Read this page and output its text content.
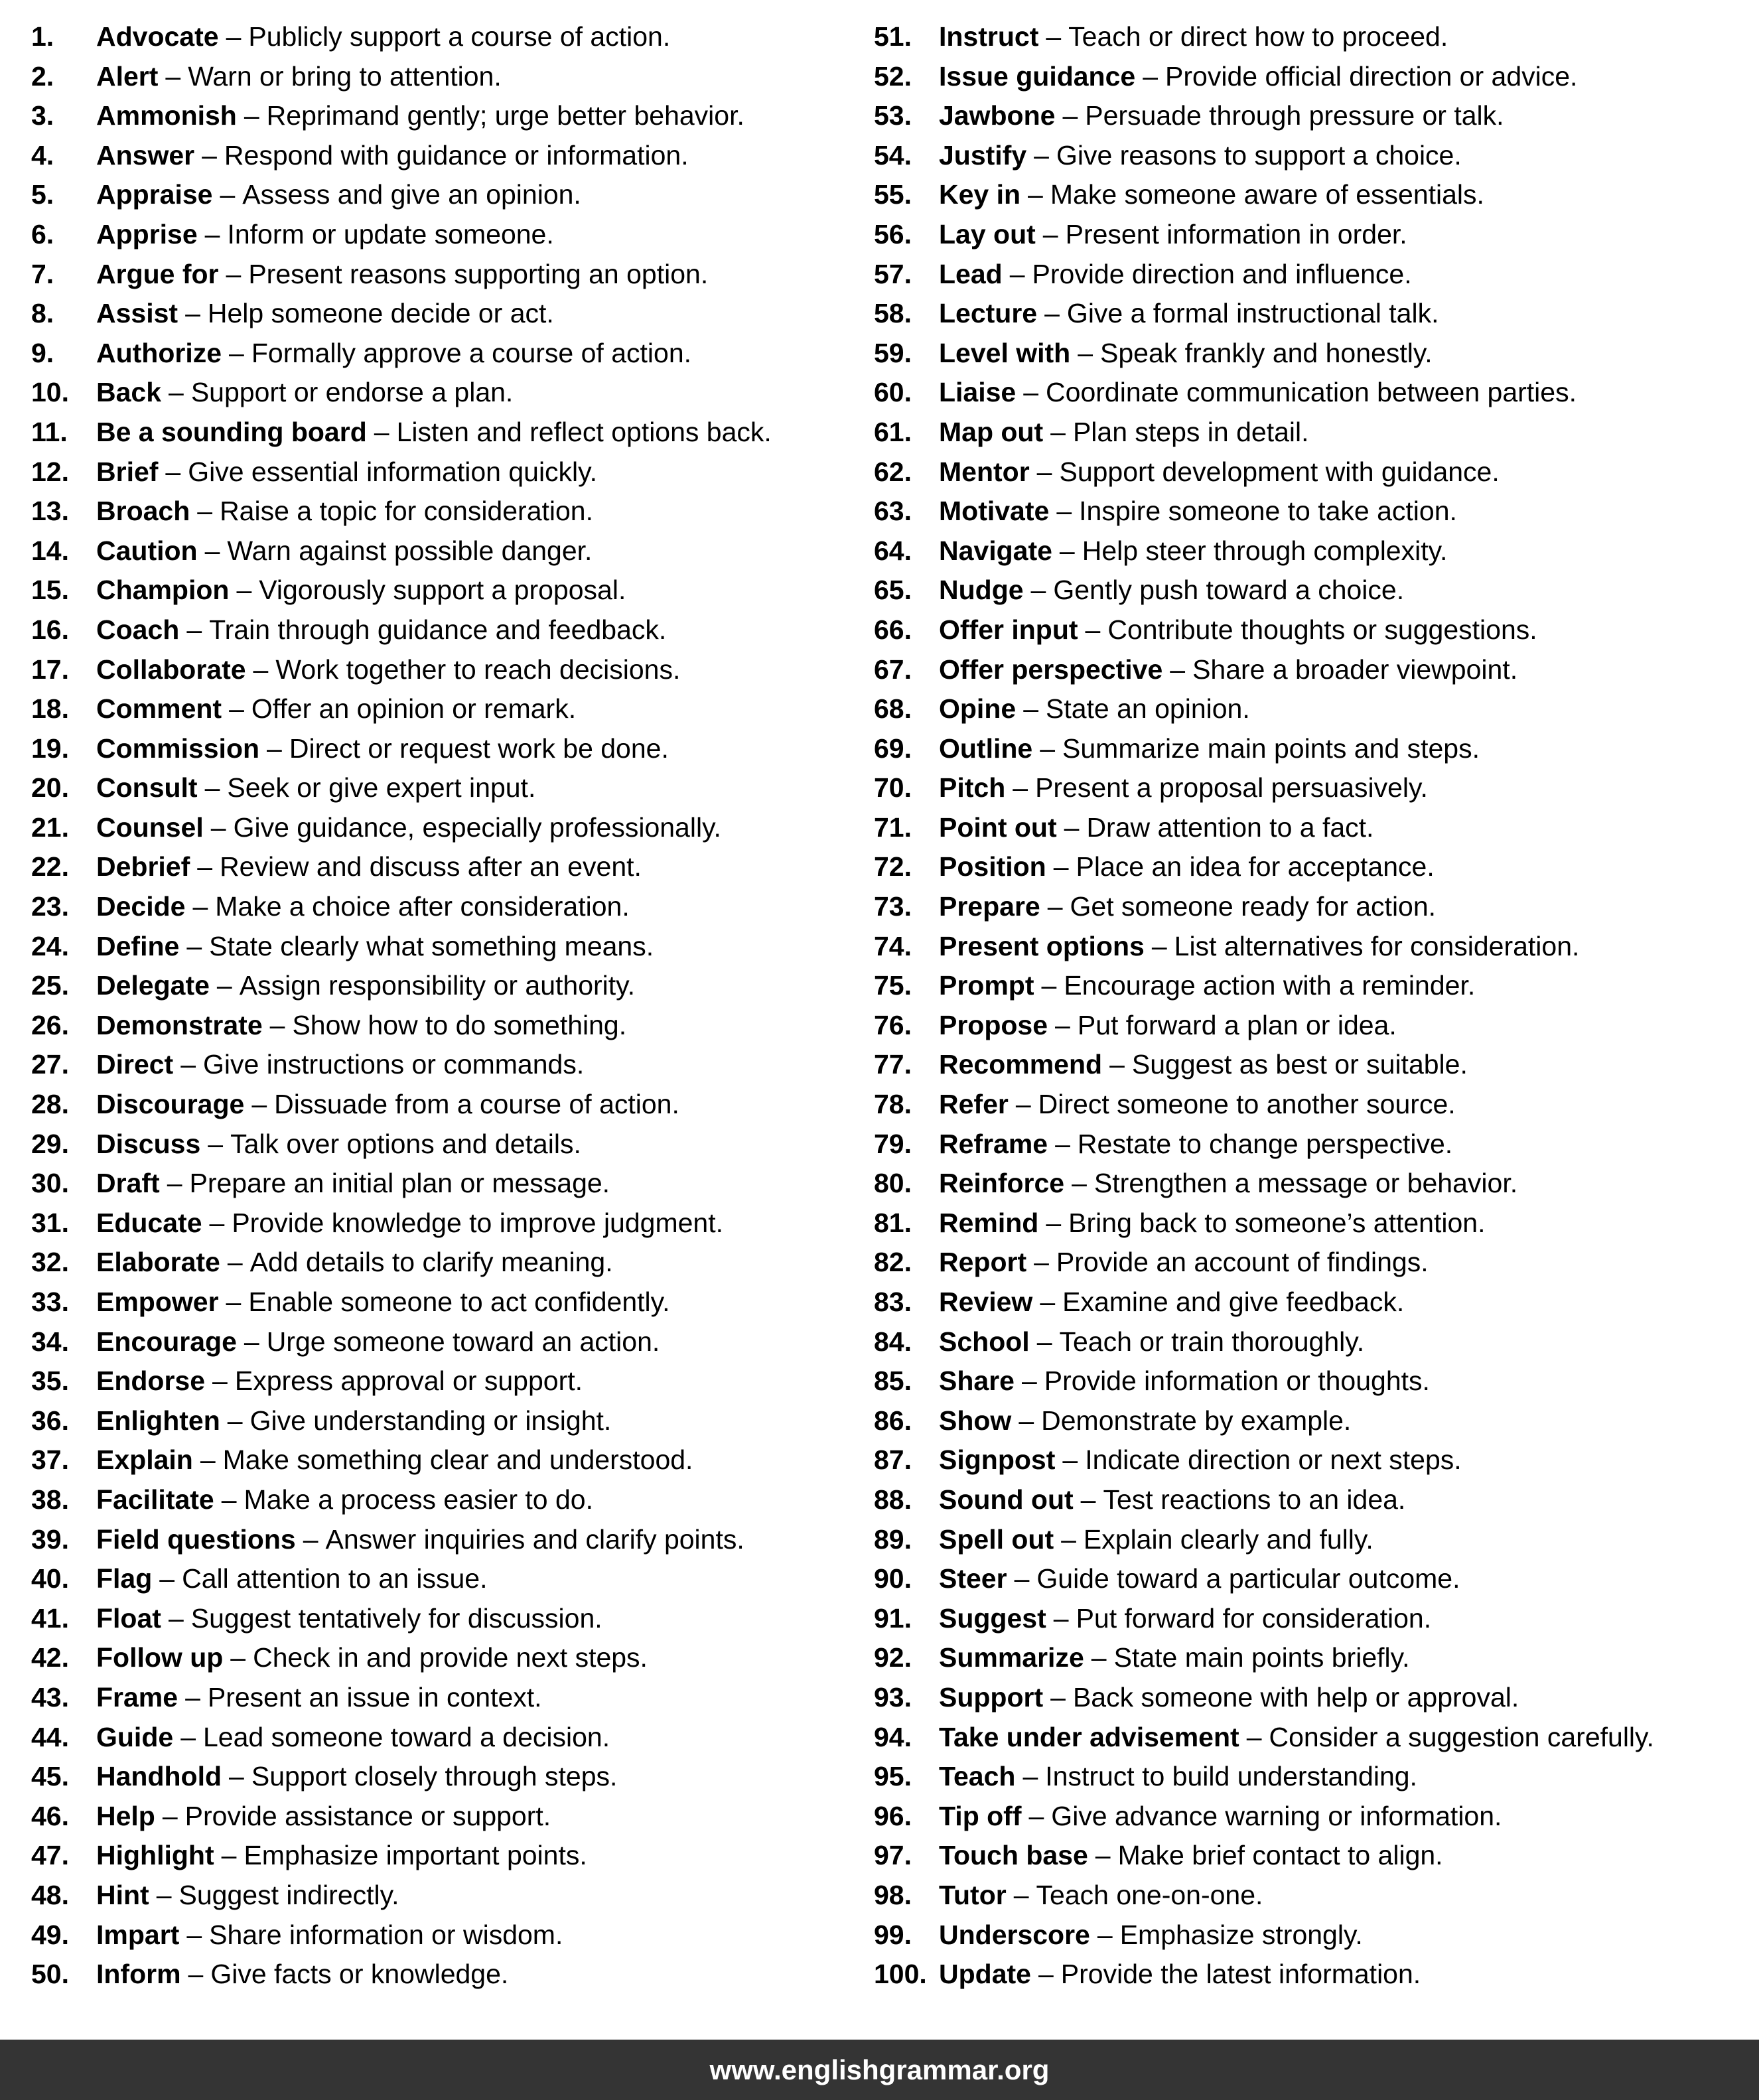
1.	Advocate – Publicly support a course of action.
2.	Alert – Warn or bring to attention.
3.	Ammonish – Reprimand gently; urge better behavior.
4.	Answer – Respond with guidance or information.
5.	Appraise – Assess and give an opinion.
6.	Apprise – Inform or update someone.
7.	Argue for – Present reasons supporting an option.
8.	Assist – Help someone decide or act.
9.	Authorize – Formally approve a course of action.
10.	Back – Support or endorse a plan.
11.	Be a sounding board – Listen and reflect options back.
12.	Brief – Give essential information quickly.
13.	Broach – Raise a topic for consideration.
14.	Caution – Warn against possible danger.
15.	Champion – Vigorously support a proposal.
16.	Coach – Train through guidance and feedback.
17.	Collaborate – Work together to reach decisions.
18.	Comment – Offer an opinion or remark.
19.	Commission – Direct or request work be done.
20.	Consult – Seek or give expert input.
21.	Counsel – Give guidance, especially professionally.
22.	Debrief – Review and discuss after an event.
23.	Decide – Make a choice after consideration.
24.	Define – State clearly what something means.
25.	Delegate – Assign responsibility or authority.
26.	Demonstrate – Show how to do something.
27.	Direct – Give instructions or commands.
28.	Discourage – Dissuade from a course of action.
29.	Discuss – Talk over options and details.
30.	Draft – Prepare an initial plan or message.
31.	Educate – Provide knowledge to improve judgment.
32.	Elaborate – Add details to clarify meaning.
33.	Empower – Enable someone to act confidently.
34.	Encourage – Urge someone toward an action.
35.	Endorse – Express approval or support.
36.	Enlighten – Give understanding or insight.
37.	Explain – Make something clear and understood.
38.	Facilitate – Make a process easier to do.
39.	Field questions – Answer inquiries and clarify points.
40.	Flag – Call attention to an issue.
41.	Float – Suggest tentatively for discussion.
42.	Follow up – Check in and provide next steps.
43.	Frame – Present an issue in context.
44.	Guide – Lead someone toward a decision.
45.	Handhold – Support closely through steps.
46.	Help – Provide assistance or support.
47.	Highlight – Emphasize important points.
48.	Hint – Suggest indirectly.
49.	Impart – Share information or wisdom.
50.	Inform – Give facts or knowledge.
51.	Instruct – Teach or direct how to proceed.
52.	Issue guidance – Provide official direction or advice.
53.	Jawbone – Persuade through pressure or talk.
54.	Justify – Give reasons to support a choice.
55.	Key in – Make someone aware of essentials.
56.	Lay out – Present information in order.
57.	Lead – Provide direction and influence.
58.	Lecture – Give a formal instructional talk.
59.	Level with – Speak frankly and honestly.
60.	Liaise – Coordinate communication between parties.
61.	Map out – Plan steps in detail.
62.	Mentor – Support development with guidance.
63.	Motivate – Inspire someone to take action.
64.	Navigate – Help steer through complexity.
65.	Nudge – Gently push toward a choice.
66.	Offer input – Contribute thoughts or suggestions.
67.	Offer perspective – Share a broader viewpoint.
68.	Opine – State an opinion.
69.	Outline – Summarize main points and steps.
70.	Pitch – Present a proposal persuasively.
71.	Point out – Draw attention to a fact.
72.	Position – Place an idea for acceptance.
73.	Prepare – Get someone ready for action.
74.	Present options – List alternatives for consideration.
75.	Prompt – Encourage action with a reminder.
76.	Propose – Put forward a plan or idea.
77.	Recommend – Suggest as best or suitable.
78.	Refer – Direct someone to another source.
79.	Reframe – Restate to change perspective.
80.	Reinforce – Strengthen a message or behavior.
81.	Remind – Bring back to someone’s attention.
82.	Report – Provide an account of findings.
83.	Review – Examine and give feedback.
84.	School – Teach or train thoroughly.
85.	Share – Provide information or thoughts.
86.	Show – Demonstrate by example.
87.	Signpost – Indicate direction or next steps.
88.	Sound out – Test reactions to an idea.
89.	Spell out – Explain clearly and fully.
90.	Steer – Guide toward a particular outcome.
91.	Suggest – Put forward for consideration.
92.	Summarize – State main points briefly.
93.	Support – Back someone with help or approval.
94.	Take under advisement – Consider a suggestion carefully.
95.	Teach – Instruct to build understanding.
96.	Tip off – Give advance warning or information.
97.	Touch base – Make brief contact to align.
98.	Tutor – Teach one-on-one.
99.	Underscore – Emphasize strongly.
100. Update – Provide the latest information.
www.englishgrammar.org
